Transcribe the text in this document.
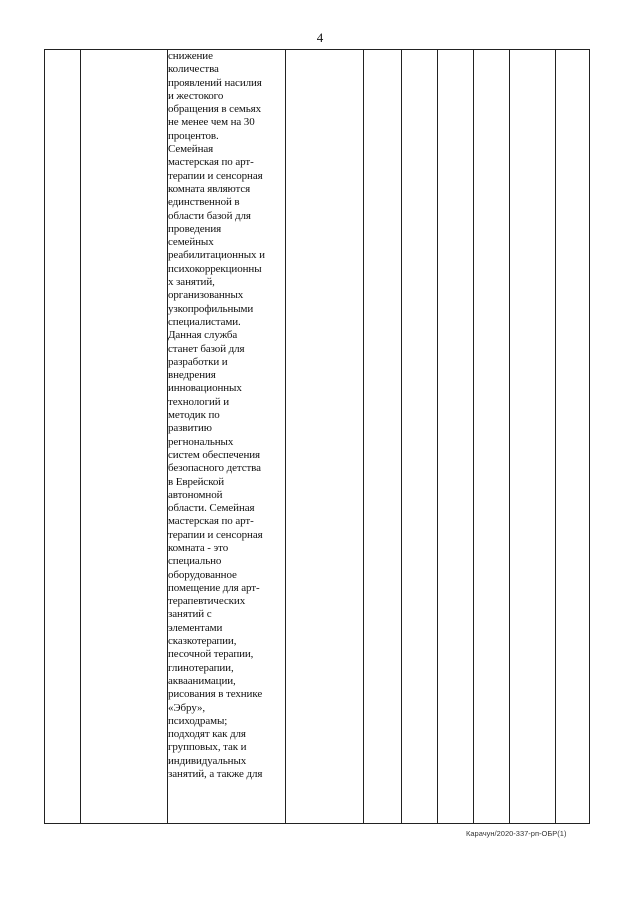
4

снижение
количества
проявлений насилия
и жестокого
обращения в семьях
не менее чем на 30
процентов.
Семейная
мастерская по арт-
терапии и сенсорная
комната являются
единственной в
области базой для
проведения
семейных
реабилитационных и
психокоррекционны
х занятий,
организованных
узкопрофильными
специалистами.
Данная служба
станет базой для
разработки и
внедрения
инновационных
технологий и
методик по
развитию
регнональных
систем обеспечения
безопасного детства
в Еврейской
автономной
области. Семейная
мастерская по арт-
терапии и сенсорная
комната - это
специально
оборудованное
помещение для арт-
терапевтических
занятий с
элементами
сказкотерапии,
песочной терапии,
глинотерапии,
акваанимации,
рисования в технике
«Эбру»,
психодрамы;
подходят как для
групповых, так и
индивидуальных
занятий, а также для

Карачун/2020-337-рп-ОБР(1)
